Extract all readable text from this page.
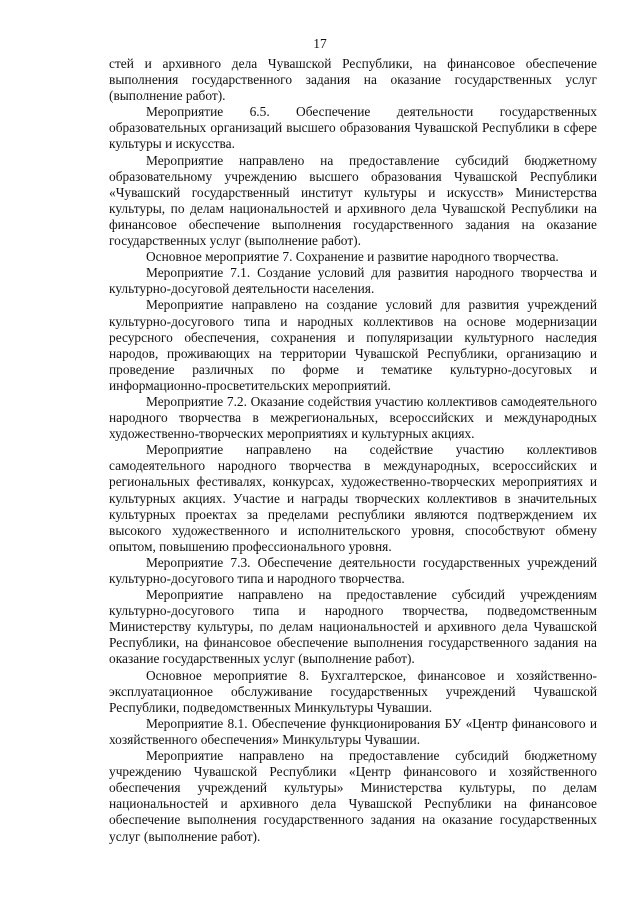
17

стей и архивного дела Чувашской Республики, на финансовое обеспечение выполнения государственного задания на оказание государственных услуг (выполнение работ).

Мероприятие 6.5. Обеспечение деятельности государственных образовательных организаций высшего образования Чувашской Республики в сфере культуры и искусства.

Мероприятие направлено на предоставление субсидий бюджетному образовательному учреждению высшего образования Чувашской Республики «Чувашский государственный институт культуры и искусств» Министерства культуры, по делам национальностей и архивного дела Чувашской Республики на финансовое обеспечение выполнения государственного задания на оказание государственных услуг (выполнение работ).

Основное мероприятие 7. Сохранение и развитие народного творчества.

Мероприятие 7.1. Создание условий для развития народного творчества и культурно-досуговой деятельности населения.

Мероприятие направлено на создание условий для развития учреждений культурно-досугового типа и народных коллективов на основе модернизации ресурсного обеспечения, сохранения и популяризации культурного наследия народов, проживающих на территории Чувашской Республики, организацию и проведение различных по форме и тематике культурно-досуговых и информационно-просветительских мероприятий.

Мероприятие 7.2. Оказание содействия участию коллективов самодеятельного народного творчества в межрегиональных, всероссийских и международных художественно-творческих мероприятиях и культурных акциях.

Мероприятие направлено на содействие участию коллективов самодеятельного народного творчества в международных, всероссийских и региональных фестивалях, конкурсах, художественно-творческих мероприятиях и культурных акциях. Участие и награды творческих коллективов в значительных культурных проектах за пределами республики являются подтверждением их высокого художественного и исполнительского уровня, способствуют обмену опытом, повышению профессионального уровня.

Мероприятие 7.3. Обеспечение деятельности государственных учреждений культурно-досугового типа и народного творчества.

Мероприятие направлено на предоставление субсидий учреждениям культурно-досугового типа и народного творчества, подведомственным Министерству культуры, по делам национальностей и архивного дела Чувашской Республики, на финансовое обеспечение выполнения государственного задания на оказание государственных услуг (выполнение работ).

Основное мероприятие 8. Бухгалтерское, финансовое и хозяйственно-эксплуатационное обслуживание государственных учреждений Чувашской Республики, подведомственных Минкультуры Чувашии.

Мероприятие 8.1. Обеспечение функционирования БУ «Центр финансового и хозяйственного обеспечения» Минкультуры Чувашии.

Мероприятие направлено на предоставление субсидий бюджетному учреждению Чувашской Республики «Центр финансового и хозяйственного обеспечения учреждений культуры» Министерства культуры, по делам национальностей и архивного дела Чувашской Республики на финансовое обеспечение выполнения государственного задания на оказание государственных услуг (выполнение работ).
